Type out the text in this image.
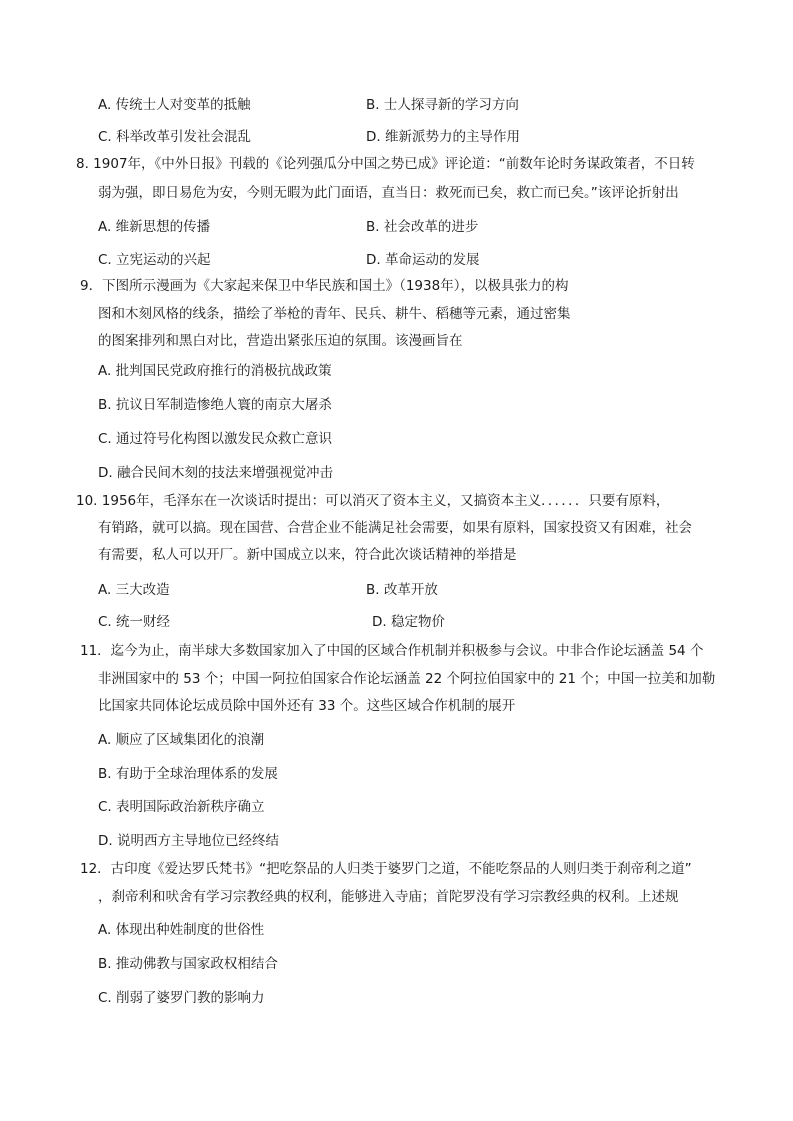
A. 传统士人对变革的抵触	B. 士人探寻新的学习方向
C. 科举改革引发社会混乱	D. 维新派势力的主导作用
8. 1907年，《中外日报》刊载的《论列强瓜分中国之势已成》评论道：“前数年论时务谋政策者，不日转
弱为强，即日易危为安，今则无暇为此门面语，直当日：救死而已矣，救亡而已矣。”该评论折射出
A. 维新思想的传播	B. 社会改革的进步
C. 立宪运动的兴起	D. 革命运动的发展
9．下图所示漫画为《大家起来保卫中华民族和国土》（1938年），以极具张力的构
图和木刻风格的线条，描绘了举枪的青年、民兵、耕牛、稻穗等元素，通过密集
的图案排列和黑白对比，营造出紧张压迫的氛围。该漫画旨在
A. 批判国民党政府推行的消极抗战政策
B. 抗议日军制造惨绝人寰的南京大屠杀
C. 通过符号化构图以激发民众救亡意识
D. 融合民间木刻的技法来增强视觉冲击
10. 1956年，毛泽东在一次谈话时提出：可以消灭了资本主义，又搞资本主义．．．．．．只要有原料，
有销路，就可以搞。现在国营、合营企业不能满足社会需要，如果有原料，国家投资又有困难，社会
有需要，私人可以开厂。新中国成立以来，符合此次谈话精神的举措是
A. 三大改造	B. 改革开放
C. 统一财经	D. 稳定物价
11．迄今为止，南半球大多数国家加入了中国的区域合作机制并积极参与会议。中非合作论坛涵盖 54 个
非洲国家中的 53 个；中国一阿拉伯国家合作论坛涵盖 22 个阿拉伯国家中的 21 个；中国一拉美和加勒
比国家共同体论坛成员除中国外还有 33 个。这些区域合作机制的展开
A. 顺应了区域集团化的浪潮
B. 有助于全球治理体系的发展
C. 表明国际政治新秩序确立
D. 说明西方主导地位已经终结
12．古印度《爱达罗氏梵书》“把吃祭品的人归类于婆罗门之道，不能吃祭品的人则归类于刹帝利之道”
，刹帝利和吠舍有学习宗教经典的权利，能够进入寺庙；首陀罗没有学习宗教经典的权利。上述规
A. 体现出种姓制度的世俗性
B. 推动佛教与国家政权相结合
C. 削弱了婆罗门教的影响力
